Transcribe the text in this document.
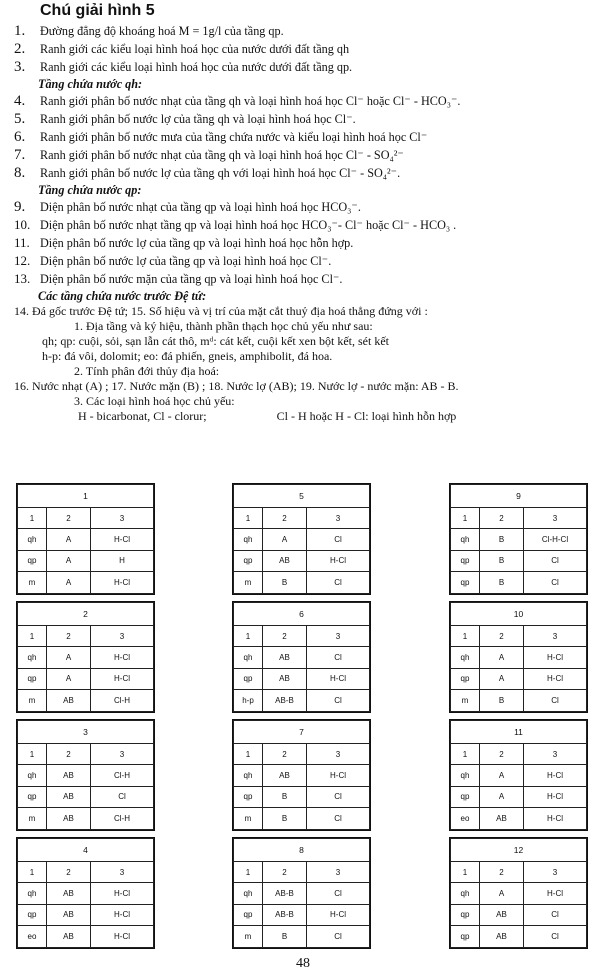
Chú giải hình 5
1. Đường đẳng độ khoáng hoá M = 1g/l của tầng qp.
2. Ranh giới các kiểu loại hình hoá học của nước dưới đất tầng qh
3. Ranh giới các kiểu loại hình hoá học của nước dưới đất tầng qp.
Tầng chứa nước qh:
4. Ranh giới phân bố nước nhạt của tầng qh và loại hình hoá học Cl⁻ hoặc Cl⁻ - HCO₃⁻.
5. Ranh giới phân bố nước lợ của tầng qh và loại hình hoá học Cl⁻.
6. Ranh giới phân bố nước mưa của tầng chứa nước và kiểu loại hình hoá học Cl⁻
7. Ranh giới phân bố nước nhạt của tầng qh và loại hình hoá học Cl⁻ - SO₄²⁻
8. Ranh giới phân bố nước lợ của tầng qh với loại hình hoá học Cl⁻ - SO₄²⁻.
Tầng chứa nước qp:
9. Diện phân bố nước nhạt của tầng qp và loại hình hoá học HCO₃⁻.
10. Diện phân bố nước nhạt tầng qp và loại hình hoá học HCO₃⁻- Cl⁻ hoặc Cl⁻ - HCO₃ .
11. Diện phân bố nước lợ của tầng qp và loại hình hoá học hỗn hợp.
12. Diện phân bố nước lợ của tầng qp và loại hình hoá học Cl⁻.
13. Diện phân bố nước mặn của tầng qp và loại hình hoá học Cl⁻.
Các tầng chứa nước trước Đệ tứ:
14. Đá gốc trước Đệ tứ; 15. Số hiệu và vị trí của mặt cắt thuỷ địa hoá thẳng đứng với :
1. Địa tầng và ký hiệu, thành phần thạch học chủ yếu như sau:
qh; qp: cuội, sỏi, sạn lẫn cát thô, mᵈ: cát kết, cuội kết xen bột kết, sét kết
h-p: đá vôi, dolomit; eo: đá phiến, gneis, amphibolit, đá hoa.
2. Tính phân đới thủy địa hoá:
16. Nước nhạt (A) ; 17. Nước mặn (B) ; 18. Nước lợ (AB); 19. Nước lợ - nước mặn: AB - B.
3. Các loại hình hoá học chủ yếu:
H - bicarbonat, Cl - clorur;	Cl - H hoặc H - Cl: loại hình hỗn hợp
1		
1	2	3
qh	A	H-Cl
qp	A	H
m	A	H-Cl
2		
1	2	3
qh	A	H-Cl
qp	A	H-Cl
m	AB	Cl-H
3		
1	2	3
qh	AB	Cl-H
qp	AB	Cl
m	AB	Cl-H
4		
1	2	3
qh	AB	H-Cl
qp	AB	H-Cl
eo	AB	H-Cl
5		
1	2	3
qh	A	Cl
qp	AB	H-Cl
m	B	Cl
6		
1	2	3
qh	AB	Cl
qp	AB	H-Cl
h-p	AB-B	Cl
7		
1	2	3
qh	AB	H-Cl
qp	B	Cl
m	B	Cl
8		
1	2	3
qh	AB-B	Cl
qp	AB-B	H-Cl
m	B	Cl
9		
1	2	3
qh	B	Cl-H-Cl
qp	B	Cl
qp	B	Cl
10		
1	2	3
qh	A	H-Cl
qp	A	H-Cl
m	B	Cl
11		
1	2	3
qh	A	H-Cl
qp	A	H-Cl
eo	AB	H-Cl
12		
1	2	3
qh	A	H-Cl
qp	AB	Cl
qp	AB	Cl
48
